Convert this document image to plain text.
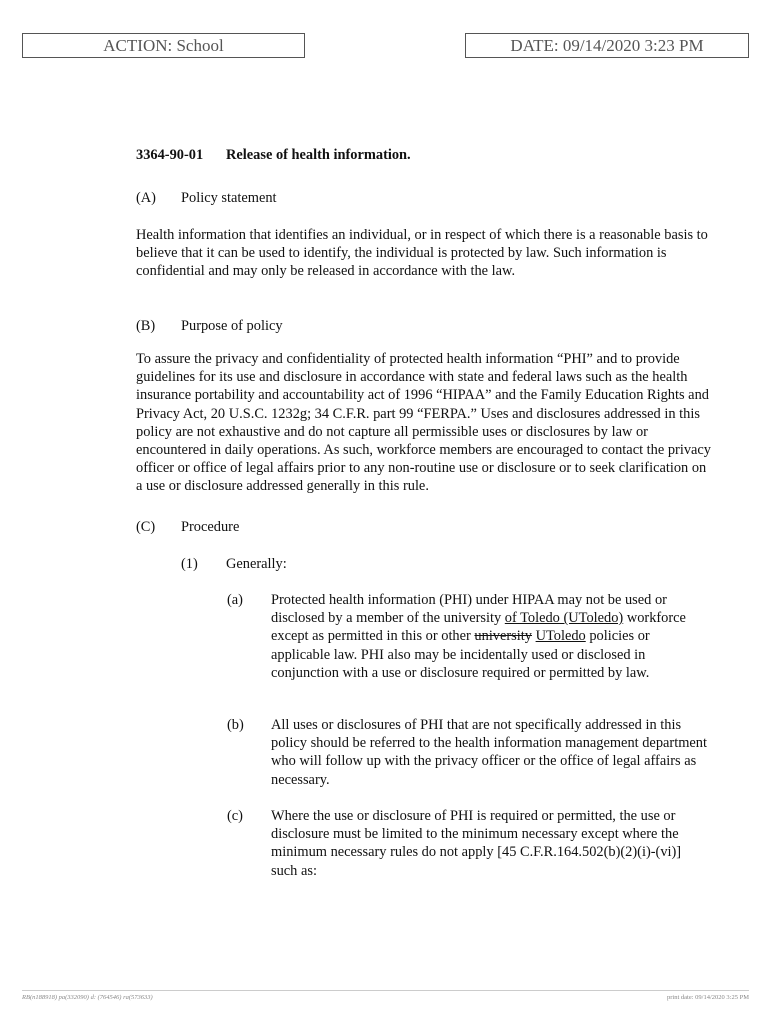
ACTION: School	DATE: 09/14/2020 3:23 PM

3364-90-01 Release of health information.

(A) Policy statement

Health information that identifies an individual, or in respect of which there is a reasonable basis to believe that it can be used to identify, the individual is protected by law. Such information is confidential and may only be released in accordance with the law.

(B) Purpose of policy

To assure the privacy and confidentiality of protected health information “PHI” and to provide guidelines for its use and disclosure in accordance with state and federal laws such as the health insurance portability and accountability act of 1996 “HIPAA” and the Family Education Rights and Privacy Act, 20 U.S.C. 1232g; 34 C.F.R. part 99 “FERPA.” Uses and disclosures addressed in this policy are not exhaustive and do not capture all permissible uses or disclosures by law or encountered in daily operations. As such, workforce members are encouraged to contact the privacy officer or office of legal affairs prior to any non-routine use or disclosure or to seek clarification on a use or disclosure addressed generally in this rule.

(C) Procedure

(1) Generally:

(a) Protected health information (PHI) under HIPAA may not be used or disclosed by a member of the university of Toledo (UToledo) workforce except as permitted in this or other university UToledo policies or applicable law. PHI also may be incidentally used or disclosed in conjunction with a use or disclosure required or permitted by law.

(b) All uses or disclosures of PHI that are not specifically addressed in this policy should be referred to the health information management department who will follow up with the privacy officer or the office of legal affairs as necessary.

(c) Where the use or disclosure of PHI is required or permitted, the use or disclosure must be limited to the minimum necessary except where the minimum necessary rules do not apply [45 C.F.R.164.502(b)(2)(i)-(vi)] such as:

RB(n188918) pa(332090) d: (764546) ra(573633)	print date: 09/14/2020 3:25 PM
